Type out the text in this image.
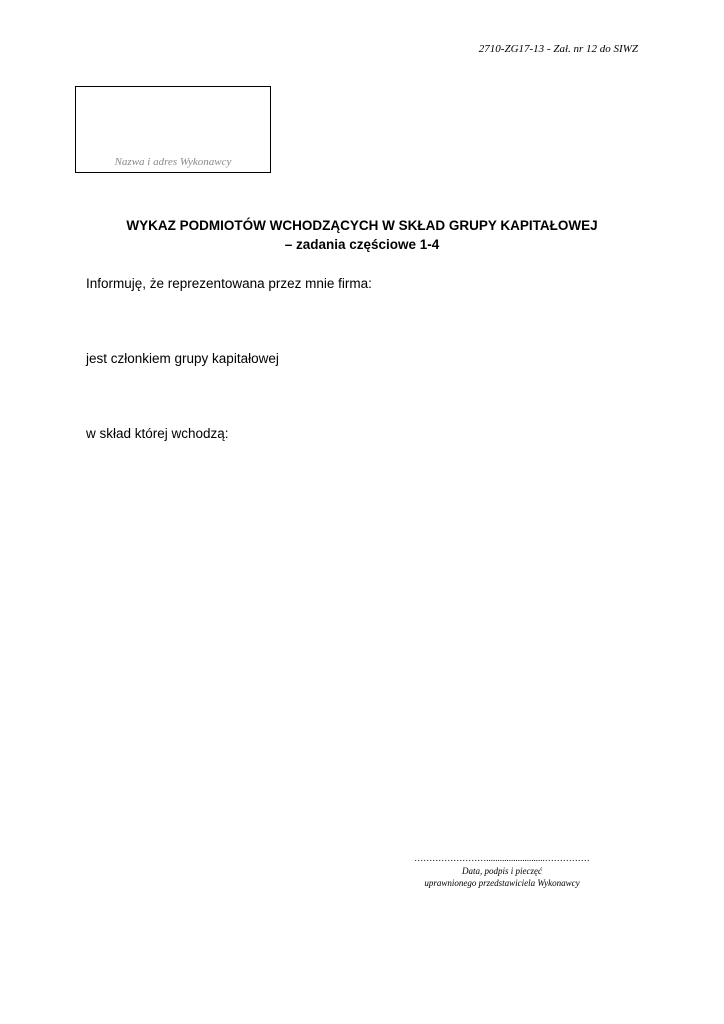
2710-ZG17-13 - Zał. nr 12 do SIWZ
Nazwa i adres Wykonawcy
WYKAZ PODMIOTÓW WCHODZĄCYCH W SKŁAD GRUPY KAPITAŁOWEJ
– zadania częściowe 1-4
Informuję, że reprezentowana przez mnie firma:
jest członkiem grupy kapitałowej
w skład której wchodzą:
……………………..........................……………
Data, podpis i pieczęć
uprawnionego przedstawiciela Wykonawcy
